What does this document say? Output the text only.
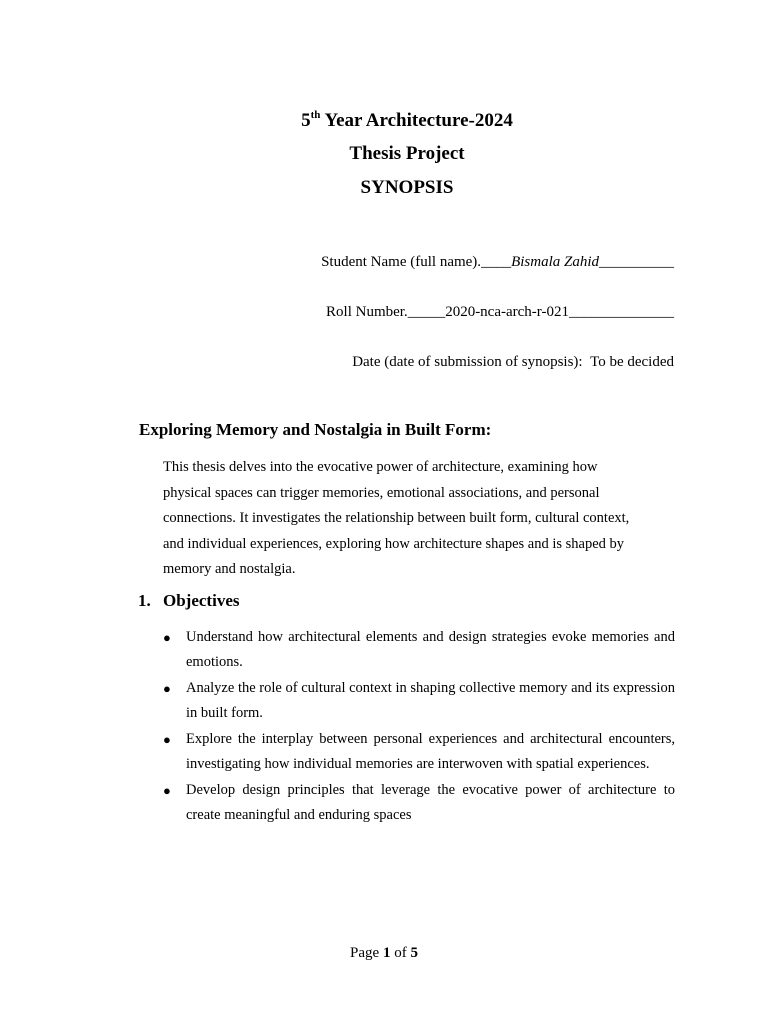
5th Year Architecture-2024
Thesis Project
SYNOPSIS
Student Name (full name).____Bismala Zahid__________
Roll Number._____2020-nca-arch-r-021______________
Date (date of submission of synopsis): To be decided
Exploring Memory and Nostalgia in Built Form:
This thesis delves into the evocative power of architecture, examining how
physical spaces can trigger memories, emotional associations, and personal
connections. It investigates the relationship between built form, cultural context,
and individual experiences, exploring how architecture shapes and is shaped by
memory and nostalgia.
1. Objectives
● Understand how architectural elements and design strategies evoke memories and emotions.
● Analyze the role of cultural context in shaping collective memory and its expression in built form.
● Explore the interplay between personal experiences and architectural encounters, investigating how individual memories are interwoven with spatial experiences.
● Develop design principles that leverage the evocative power of architecture to create meaningful and enduring spaces
Page 1 of 5
